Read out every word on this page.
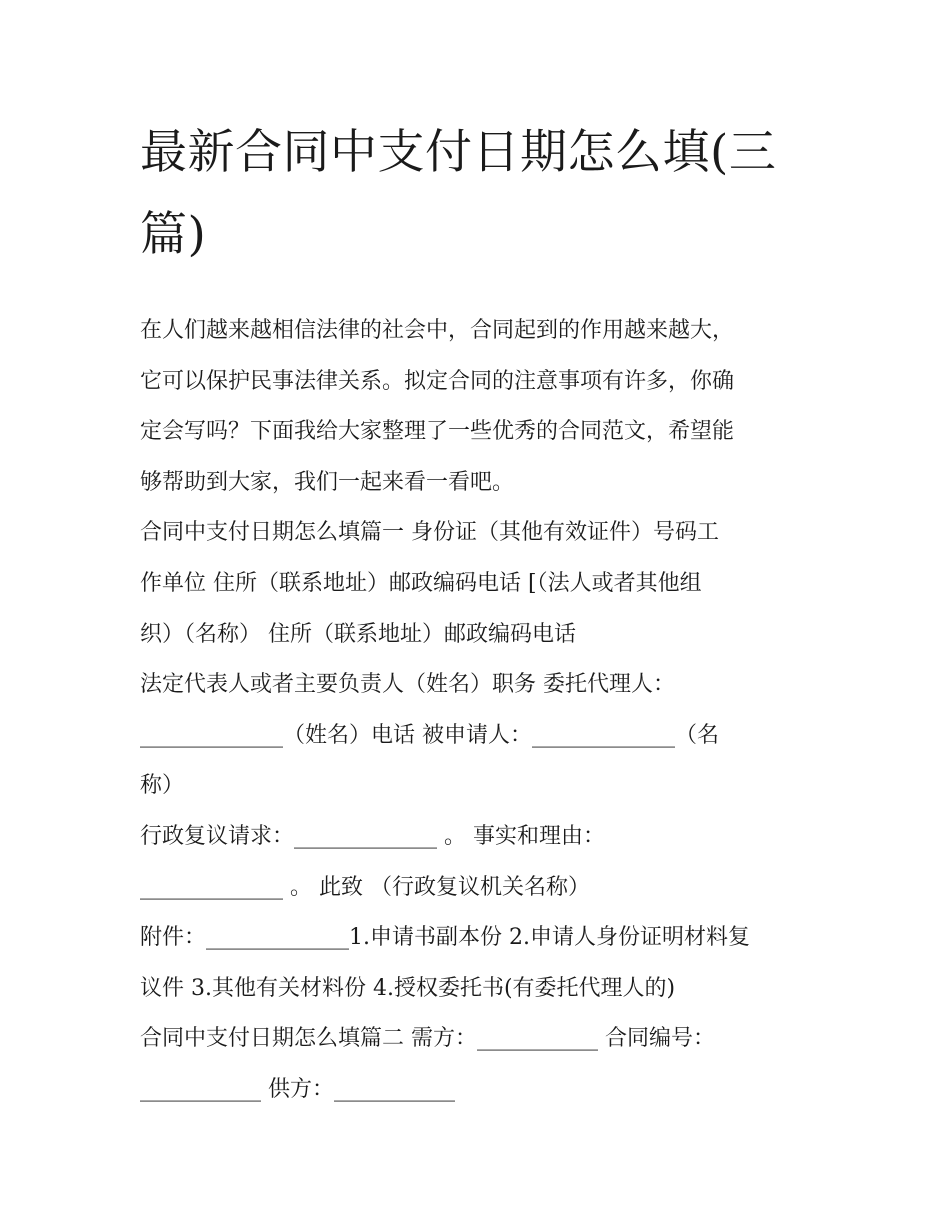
最新合同中支付日期怎么填(三
篇)

在人们越来越相信法律的社会中，合同起到的作用越来越大，

它可以保护民事法律关系。拟定合同的注意事项有许多，你确

定会写吗？下面我给大家整理了一些优秀的合同范文，希望能

够帮助到大家，我们一起来看一看吧。

合同中支付日期怎么填篇一 身份证（其他有效证件）号码工

作单位 住所（联系地址）邮政编码电话 [（法人或者其他组

织）（名称） 住所（联系地址）邮政编码电话

法定代表人或者主要负责人（姓名）职务 委托代理人：

_____________（姓名）电话 被申请人：_____________（名

称）

行政复议请求：_____________ 。 事实和理由：

_____________ 。 此致 （行政复议机关名称）

附件：_____________1.申请书副本份 2.申请人身份证明材料复

议件 3.其他有关材料份 4.授权委托书(有委托代理人的)

合同中支付日期怎么填篇二 需方：___________ 合同编号：

___________ 供方：___________
